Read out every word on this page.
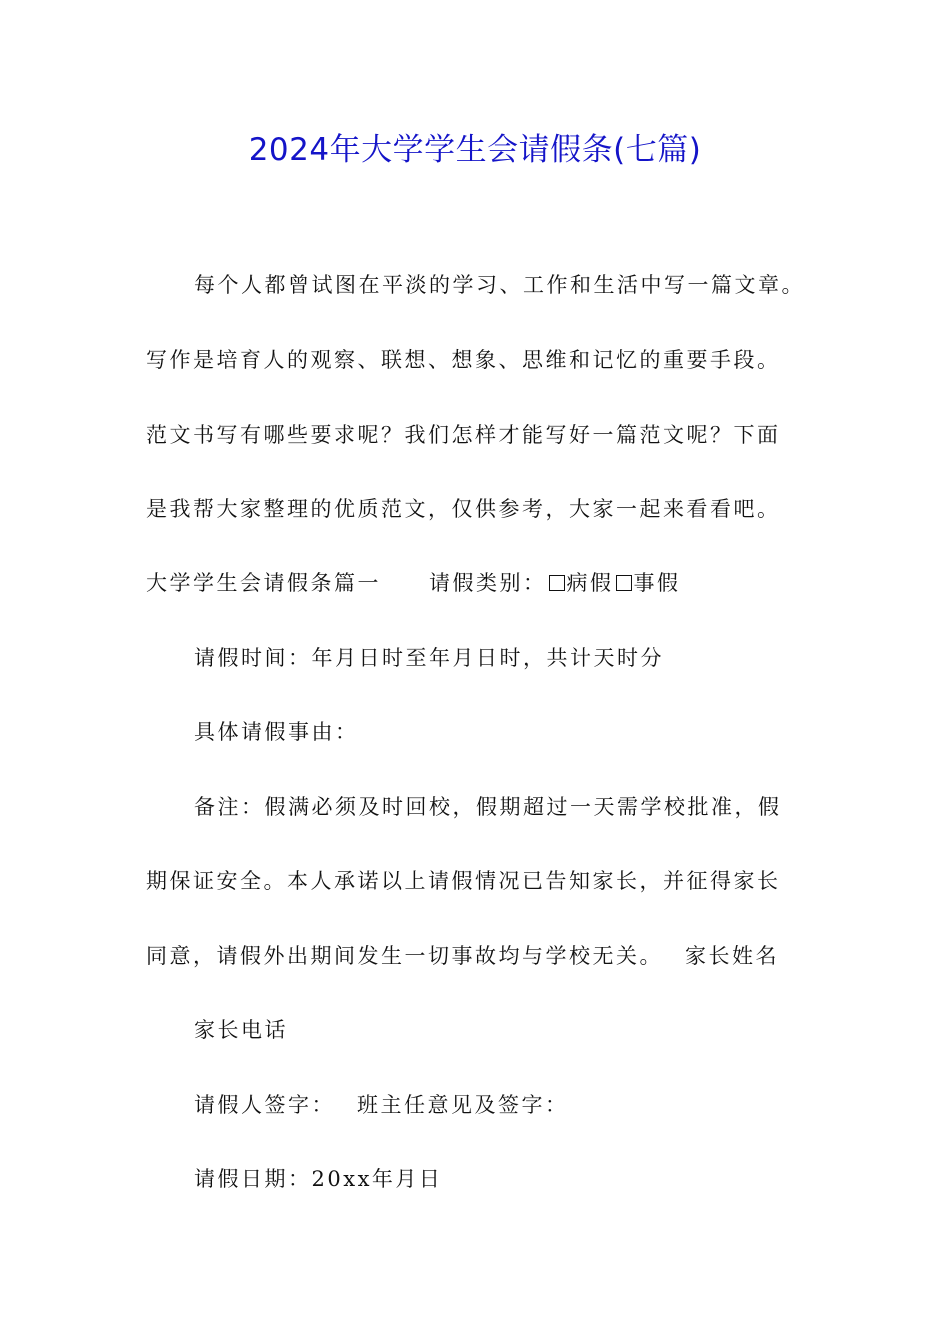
2024年大学学生会请假条(七篇)
每个人都曾试图在平淡的学习、工作和生活中写一篇文章。
写作是培育人的观察、联想、想象、思维和记忆的重要手段。
范文书写有哪些要求呢？我们怎样才能写好一篇范文呢？下面
是我帮大家整理的优质范文，仅供参考，大家一起来看看吧。
大学学生会请假条篇一 请假类别： 病假 事假
请假时间：年月日时至年月日时，共计天时分
具体请假事由：
备注：假满必须及时回校，假期超过一天需学校批准，假
期保证安全。本人承诺以上请假情况已告知家长，并征得家长
同意，请假外出期间发生一切事故均与学校无关。 家长姓名
家长电话
请假人签字： 班主任意见及签字：
请假日期：20xx年月日
